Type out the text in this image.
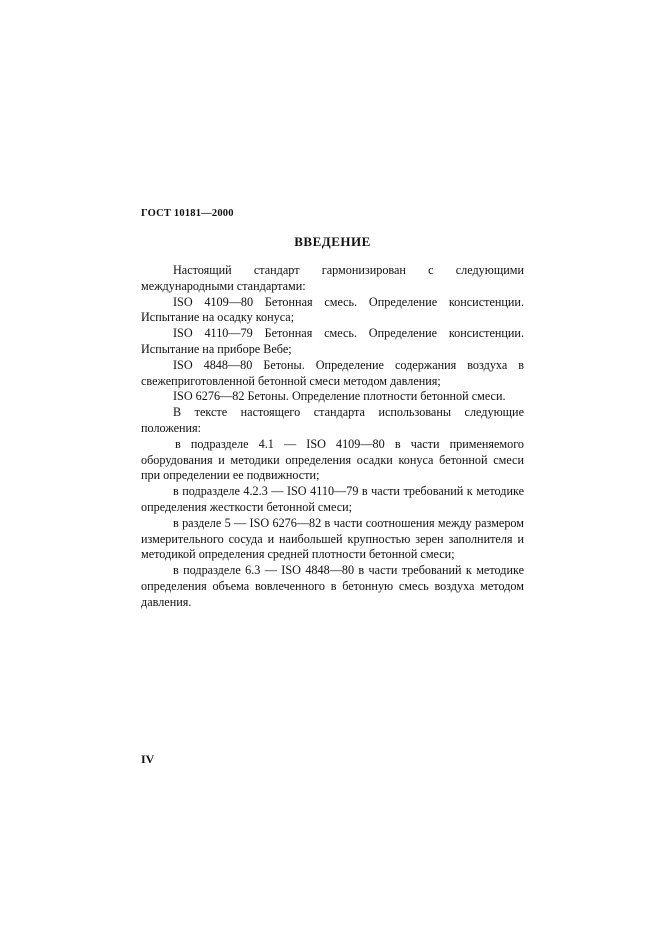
ГОСТ 10181—2000
ВВЕДЕНИЕ

Настоящий стандарт гармонизирован с следующими международными стандартами:

ISO 4109—80 Бетонная смесь. Определение консистенции. Испытание на осадку конуса;

ISO 4110—79 Бетонная смесь. Определение консистенции. Испытание на приборе Вебе;

ISO 4848—80 Бетоны. Определение содержания воздуха в свежеприготовленной бетонной смеси методом давления;

ISO 6276—82 Бетоны. Определение плотности бетонной смеси.

В тексте настоящего стандарта использованы следующие положения:

в подразделе 4.1 — ISO 4109—80 в части применяемого оборудования и методики определения осадки конуса бетонной смеси при определении ее подвижности;

в подразделе 4.2.3 — ISO 4110—79 в части требований к методике определения жесткости бетонной смеси;

в разделе 5 — ISO 6276—82 в части соотношения между размером измерительного сосуда и наибольшей крупностью зерен заполнителя и методикой определения средней плотности бетонной смеси;

в подразделе 6.3 — ISO 4848—80 в части требований к методике определения объема вовлеченного в бетонную смесь воздуха методом давления.

IV
